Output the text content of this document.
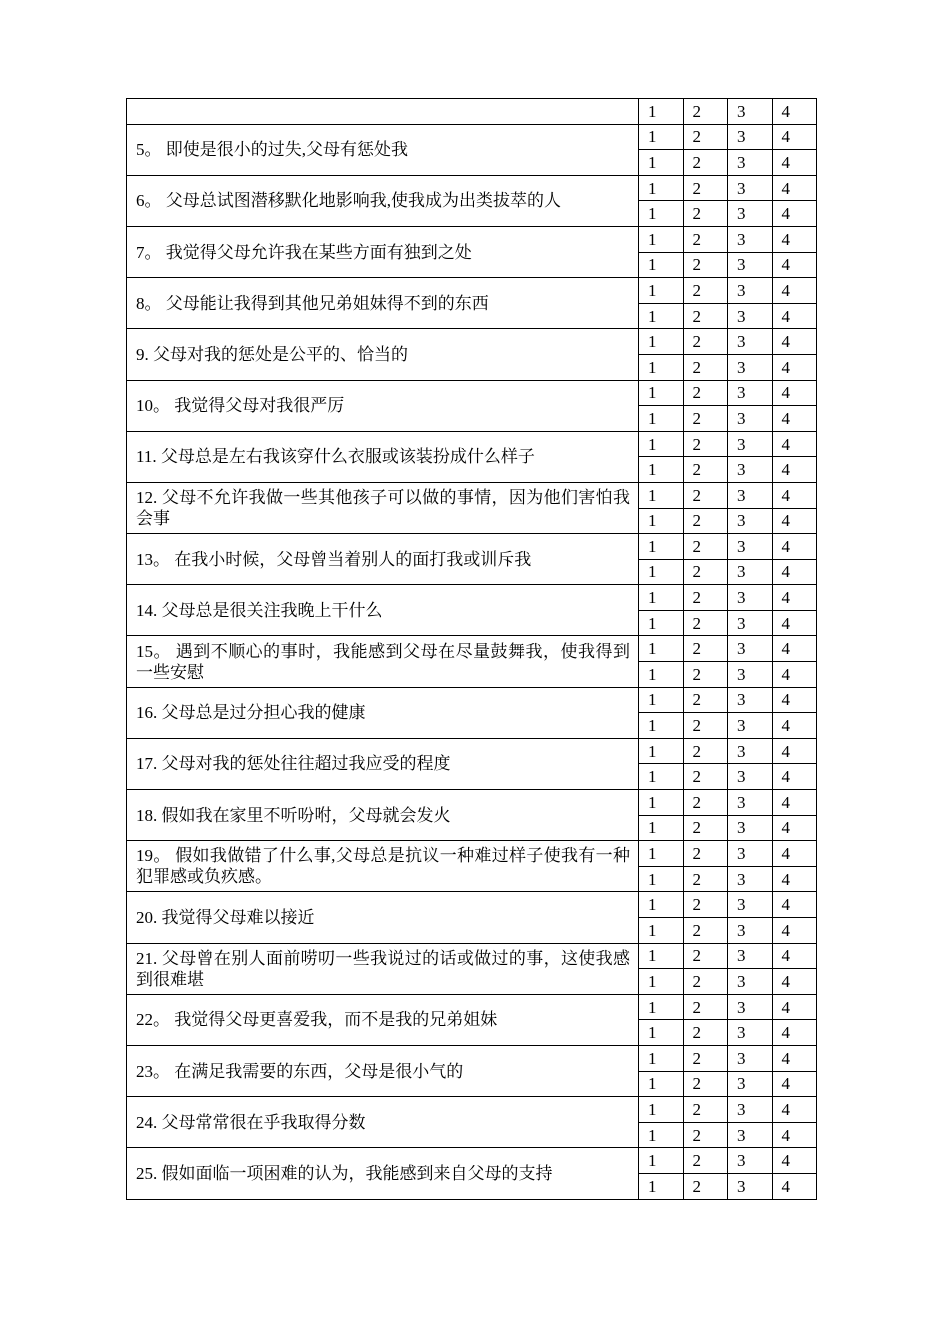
	1	2	3	4
5。 即使是很小的过失,父母有惩处我	1	2	3	4
	1	2	3	4
6。 父母总试图潜移默化地影响我,使我成为出类拔萃的人	1	2	3	4
	1	2	3	4
7。 我觉得父母允许我在某些方面有独到之处	1	2	3	4
	1	2	3	4
8。 父母能让我得到其他兄弟姐妹得不到的东西	1	2	3	4
	1	2	3	4
9. 父母对我的惩处是公平的、恰当的	1	2	3	4
	1	2	3	4
10。 我觉得父母对我很严厉	1	2	3	4
	1	2	3	4
11. 父母总是左右我该穿什么衣服或该装扮成什么样子	1	2	3	4
	1	2	3	4
12. 父母不允许我做一些其他孩子可以做的事情，因为他们害怕我会事	1	2	3	4
	1	2	3	4
13。 在我小时候，父母曾当着别人的面打我或训斥我	1	2	3	4
	1	2	3	4
14. 父母总是很关注我晚上干什么	1	2	3	4
	1	2	3	4
15。 遇到不顺心的事时，我能感到父母在尽量鼓舞我，使我得到一些安慰	1	2	3	4
	1	2	3	4
16. 父母总是过分担心我的健康	1	2	3	4
	1	2	3	4
17. 父母对我的惩处往往超过我应受的程度	1	2	3	4
	1	2	3	4
18. 假如我在家里不听吩咐，父母就会发火	1	2	3	4
	1	2	3	4
19。 假如我做错了什么事,父母总是抗议一种难过样子使我有一种犯罪感或负疚感。	1	2	3	4
	1	2	3	4
20. 我觉得父母难以接近	1	2	3	4
	1	2	3	4
21. 父母曾在别人面前唠叨一些我说过的话或做过的事，这使我感到很难堪	1	2	3	4
	1	2	3	4
22。 我觉得父母更喜爱我，而不是我的兄弟姐妹	1	2	3	4
	1	2	3	4
23。 在满足我需要的东西，父母是很小气的	1	2	3	4
	1	2	3	4
24. 父母常常很在乎我取得分数	1	2	3	4
	1	2	3	4
25. 假如面临一项困难的认为，我能感到来自父母的支持	1	2	3	4
	1	2	3	4
